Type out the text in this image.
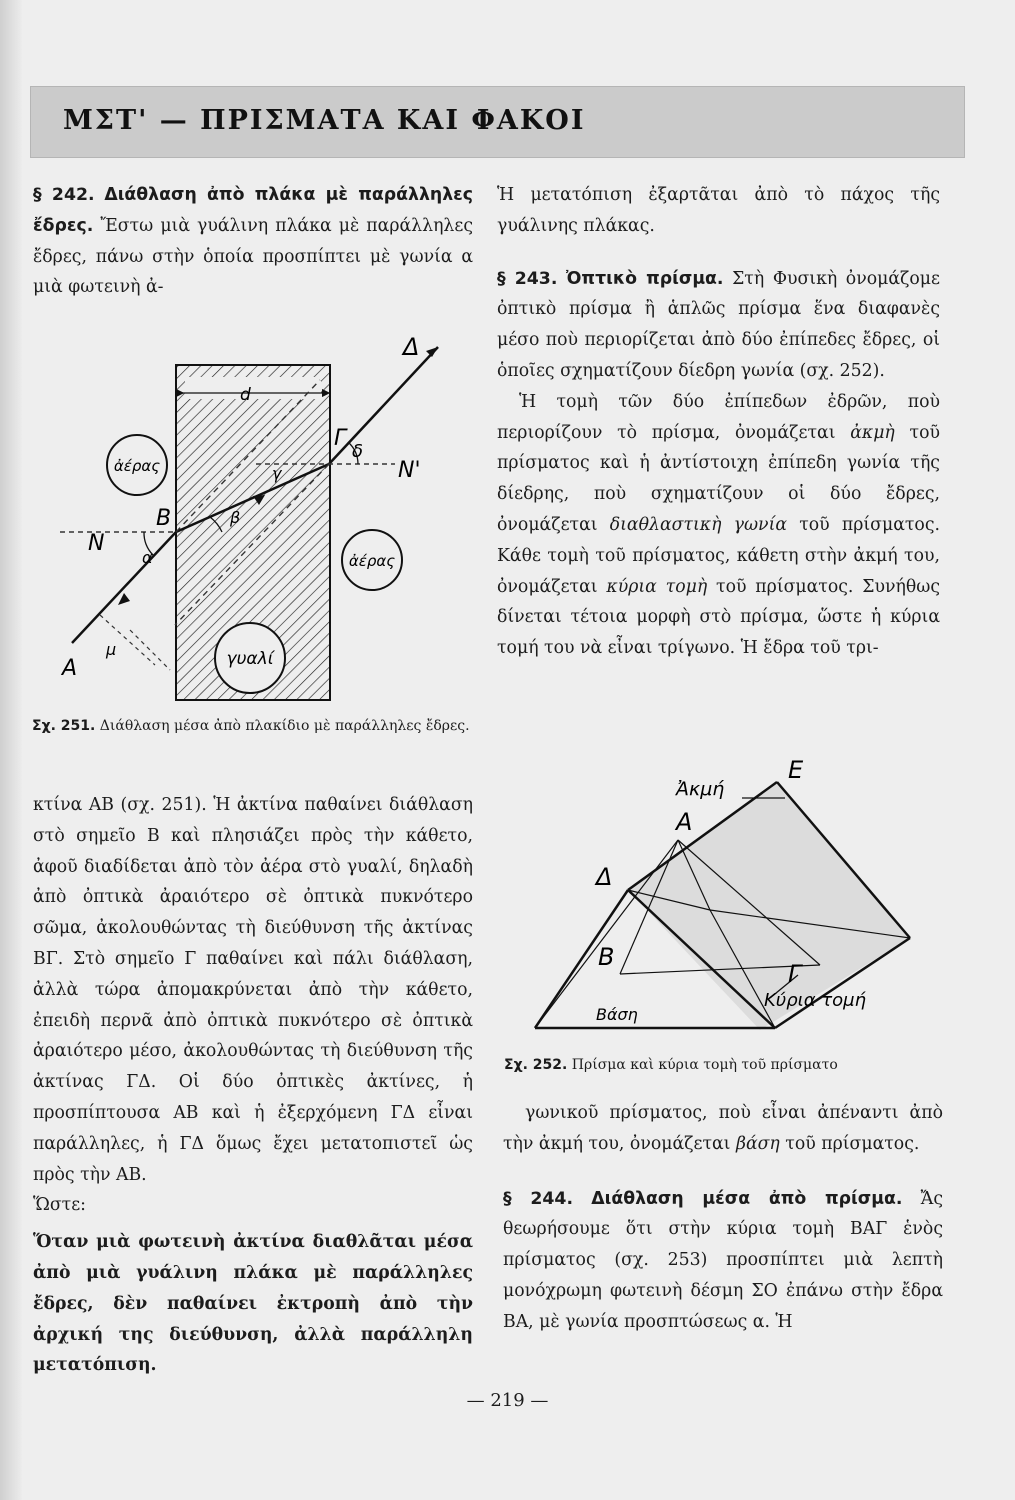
ΜΣΤ' — ΠΡΙΣΜΑΤΑ ΚΑΙ ΦΑΚΟΙ

§ 242. Διάθλαση ἀπὸ πλάκα μὲ παράλληλες ἔδρες. Ἔστω μιὰ γυάλινη πλάκα μὲ παράλληλες ἔδρες, πάνω στὴν ὁποία προσπίπτει μὲ γωνία α μιὰ φωτεινὴ ἀ-

ἀέρας
ἀέρας
γυαλί
d
N
N'
A
B
Γ
Δ
α
β
γ
δ
μ
Σχ. 251. Διάθλαση μέσα ἀπὸ πλακίδιο μὲ παράλληλες ἔδρες.

κτίνα ΑΒ (σχ. 251). Ἡ ἀκτίνα παθαίνει διάθλαση στὸ σημεῖο Β καὶ πλησιάζει πρὸς τὴν κάθετο, ἀφοῦ διαδίδεται ἀπὸ τὸν ἀέρα στὸ γυαλί, δηλαδὴ ἀπὸ ὀπτικὰ ἀραιότερο σὲ ὀπτικὰ πυκνότερο σῶμα, ἀκολουθώντας τὴ διεύθυνση τῆς ἀκτίνας ΒΓ. Στὸ σημεῖο Γ παθαίνει καὶ πάλι διάθλαση, ἀλλὰ τώρα ἀπομακρύνεται ἀπὸ τὴν κάθετο, ἐπειδὴ περνᾶ ἀπὸ ὀπτικὰ πυκνότερο σὲ ὀπτικὰ ἀραιότερο μέσο, ἀκολουθώντας τὴ διεύθυνση τῆς ἀκτίνας ΓΔ. Οἱ δύο ὀπτικὲς ἀκτίνες, ἡ προσπίπτουσα ΑΒ καὶ ἡ ἐξερχόμενη ΓΔ εἶναι παράλληλες, ἡ ΓΔ ὅμως ἔχει μετατοπιστεῖ ὡς πρὸς τὴν ΑΒ.

Ὥστε:

Ὅταν μιὰ φωτεινὴ ἀκτίνα διαθλᾶται μέσα ἀπὸ μιὰ γυάλινη πλάκα μὲ παράλληλες ἔδρες, δὲν παθαίνει ἐκτροπὴ ἀπὸ τὴν ἀρχική της διεύθυνση, ἀλλὰ παράλληλη μετατόπιση.

Ἡ μετατόπιση ἐξαρτᾶται ἀπὸ τὸ πάχος τῆς γυάλινης πλάκας.

§ 243. Ὀπτικὸ πρίσμα. Στὴ Φυσικὴ ὀνομάζομε ὀπτικὸ πρίσμα ἢ ἁπλῶς πρίσμα ἕνα διαφανὲς μέσο ποὺ περιορίζεται ἀπὸ δύο ἐπίπεδες ἔδρες, οἱ ὁποῖες σχηματίζουν δίεδρη γωνία (σχ. 252).

Ἡ τομὴ τῶν δύο ἐπίπεδων ἐδρῶν, ποὺ περιορίζουν τὸ πρίσμα, ὀνομάζεται ἀκμὴ τοῦ πρίσματος καὶ ἡ ἀντίστοιχη ἐπίπεδη γωνία τῆς δίεδρης, ποὺ σχηματίζουν οἱ δύο ἔδρες, ὀνομάζεται διαθλαστικὴ γωνία τοῦ πρίσματος. Κάθε τομὴ τοῦ πρίσματος, κάθετη στὴν ἀκμή του, ὀνομάζεται κύρια τομὴ τοῦ πρίσματος. Συνήθως δίνεται τέτοια μορφὴ στὸ πρίσμα, ὥστε ἡ κύρια τομή του νὰ εἶναι τρίγωνο. Ἡ ἔδρα τοῦ τρι-

E
Ἀκμή
A
Δ
B
Γ
Κύρια τομή
Βάση
Σχ. 252. Πρίσμα καὶ κύρια τομὴ τοῦ πρίσματο

γωνικοῦ πρίσματος, ποὺ εἶναι ἀπέναντι ἀπὸ τὴν ἀκμή του, ὀνομάζεται βάση τοῦ πρίσματος.

§ 244. Διάθλαση μέσα ἀπὸ πρίσμα. Ἄς θεωρήσουμε ὅτι στὴν κύρια τομὴ ΒΑΓ ἑνὸς πρίσματος (σχ. 253) προσπίπτει μιὰ λεπτὴ μονόχρωμη φωτεινὴ δέσμη ΣΟ ἐπάνω στὴν ἔδρα ΒΑ, μὲ γωνία προσπτώσεως α. Ἡ

— 219 —
